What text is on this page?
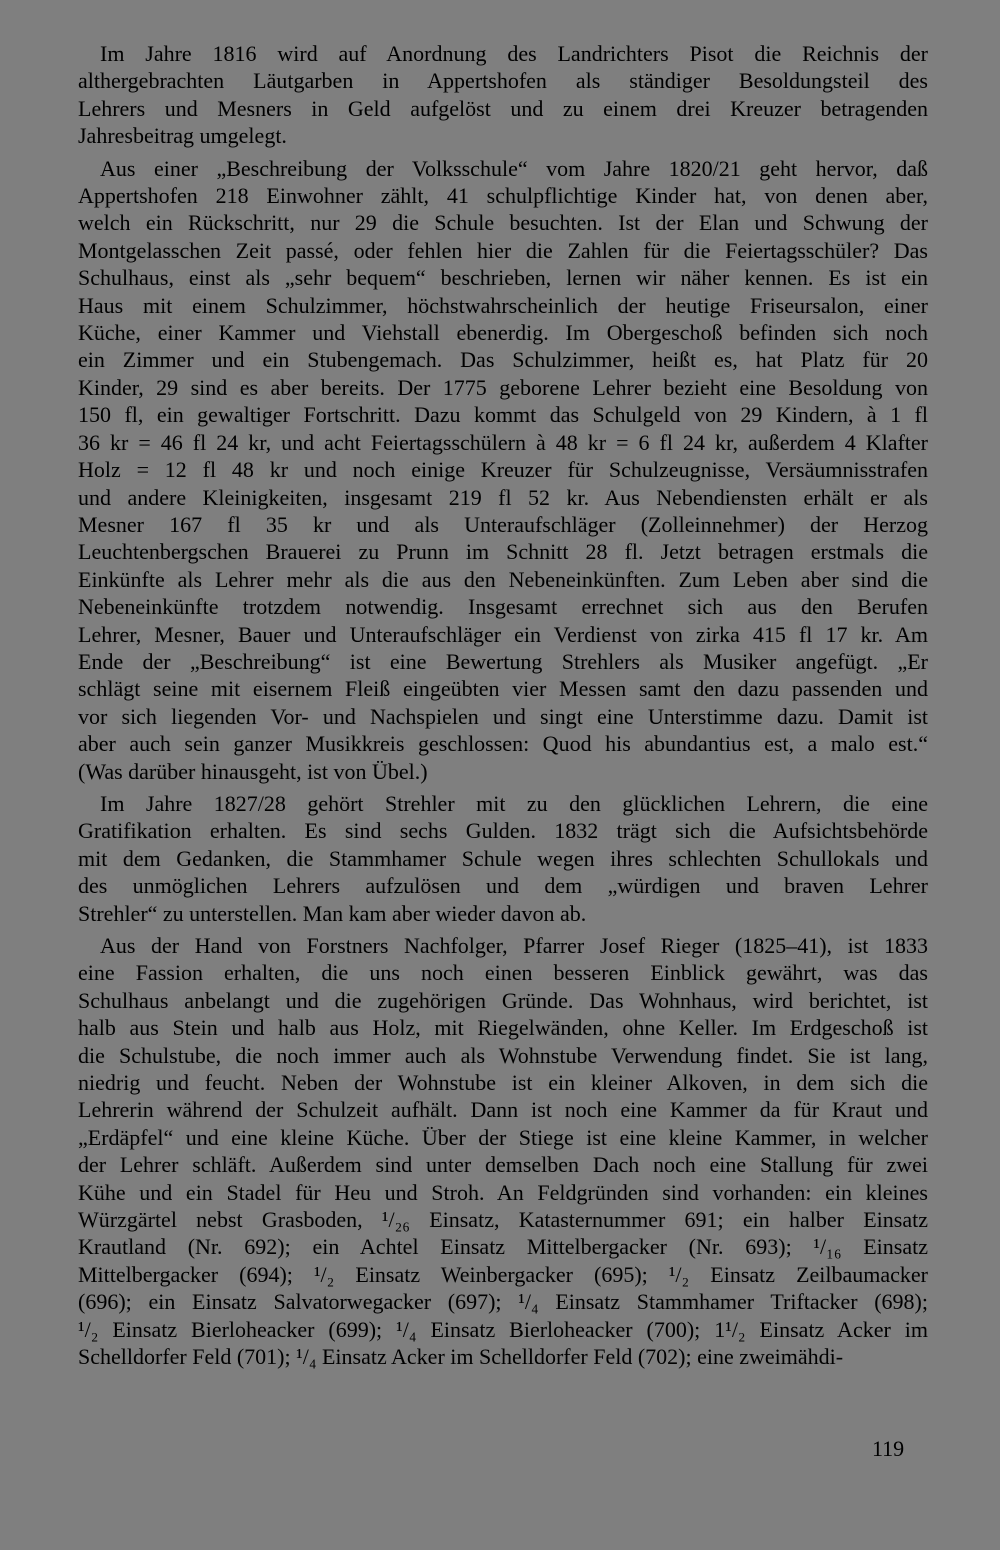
Im Jahre 1816 wird auf Anordnung des Landrichters Pisot die Reichnis der
althergebrachten Läutgarben in Appertshofen als ständiger Besoldungsteil des
Lehrers und Mesners in Geld aufgelöst und zu einem drei Kreuzer betragenden
Jahresbeitrag umgelegt.

Aus einer „Beschreibung der Volksschule“ vom Jahre 1820/21 geht hervor, daß
Appertshofen 218 Einwohner zählt, 41 schulpflichtige Kinder hat, von denen aber,
welch ein Rückschritt, nur 29 die Schule besuchten. Ist der Elan und Schwung der
Montgelasschen Zeit passé, oder fehlen hier die Zahlen für die Feiertagsschüler? Das
Schulhaus, einst als „sehr bequem“ beschrieben, lernen wir näher kennen. Es ist ein
Haus mit einem Schulzimmer, höchstwahrscheinlich der heutige Friseursalon, einer
Küche, einer Kammer und Viehstall ebenerdig. Im Obergeschoß befinden sich noch
ein Zimmer und ein Stubengemach. Das Schulzimmer, heißt es, hat Platz für 20
Kinder, 29 sind es aber bereits. Der 1775 geborene Lehrer bezieht eine Besoldung von
150 fl, ein gewaltiger Fortschritt. Dazu kommt das Schulgeld von 29 Kindern, à 1 fl
36 kr = 46 fl 24 kr, und acht Feiertagsschülern à 48 kr = 6 fl 24 kr, außerdem 4 Klafter
Holz = 12 fl 48 kr und noch einige Kreuzer für Schulzeugnisse, Versäumnisstrafen
und andere Kleinigkeiten, insgesamt 219 fl 52 kr. Aus Nebendiensten erhält er als
Mesner 167 fl 35 kr und als Unteraufschläger (Zolleinnehmer) der Herzog
Leuchtenbergschen Brauerei zu Prunn im Schnitt 28 fl. Jetzt betragen erstmals die
Einkünfte als Lehrer mehr als die aus den Nebeneinkünften. Zum Leben aber sind die
Nebeneinkünfte trotzdem notwendig. Insgesamt errechnet sich aus den Berufen
Lehrer, Mesner, Bauer und Unteraufschläger ein Verdienst von zirka 415 fl 17 kr. Am
Ende der „Beschreibung“ ist eine Bewertung Strehlers als Musiker angefügt. „Er
schlägt seine mit eisernem Fleiß eingeübten vier Messen samt den dazu passenden und
vor sich liegenden Vor- und Nachspielen und singt eine Unterstimme dazu. Damit ist
aber auch sein ganzer Musikkreis geschlossen: Quod his abundantius est, a malo est.“
(Was darüber hinausgeht, ist von Übel.)

Im Jahre 1827/28 gehört Strehler mit zu den glücklichen Lehrern, die eine
Gratifikation erhalten. Es sind sechs Gulden. 1832 trägt sich die Aufsichtsbehörde
mit dem Gedanken, die Stammhamer Schule wegen ihres schlechten Schullokals und
des unmöglichen Lehrers aufzulösen und dem „würdigen und braven Lehrer
Strehler“ zu unterstellen. Man kam aber wieder davon ab.

Aus der Hand von Forstners Nachfolger, Pfarrer Josef Rieger (1825–41), ist 1833
eine Fassion erhalten, die uns noch einen besseren Einblick gewährt, was das
Schulhaus anbelangt und die zugehörigen Gründe. Das Wohnhaus, wird berichtet, ist
halb aus Stein und halb aus Holz, mit Riegelwänden, ohne Keller. Im Erdgeschoß ist
die Schulstube, die noch immer auch als Wohnstube Verwendung findet. Sie ist lang,
niedrig und feucht. Neben der Wohnstube ist ein kleiner Alkoven, in dem sich die
Lehrerin während der Schulzeit aufhält. Dann ist noch eine Kammer da für Kraut und
„Erdäpfel“ und eine kleine Küche. Über der Stiege ist eine kleine Kammer, in welcher
der Lehrer schläft. Außerdem sind unter demselben Dach noch eine Stallung für zwei
Kühe und ein Stadel für Heu und Stroh. An Feldgründen sind vorhanden: ein kleines
Würzgärtel nebst Grasboden, ¹/₂₆ Einsatz, Katasternummer 691; ein halber Einsatz
Krautland (Nr. 692); ein Achtel Einsatz Mittelbergacker (Nr. 693); ¹/₁₆ Einsatz
Mittelbergacker (694); ¹/₂ Einsatz Weinbergacker (695); ¹/₂ Einsatz Zeilbaumacker
(696); ein Einsatz Salvatorwegacker (697); ¹/₄ Einsatz Stammhamer Triftacker (698);
¹/₂ Einsatz Bierloheacker (699); ¹/₄ Einsatz Bierloheacker (700); 1¹/₂ Einsatz Acker im
Schelldorfer Feld (701); ¹/₄ Einsatz Acker im Schelldorfer Feld (702); eine zweimähdi-

119
